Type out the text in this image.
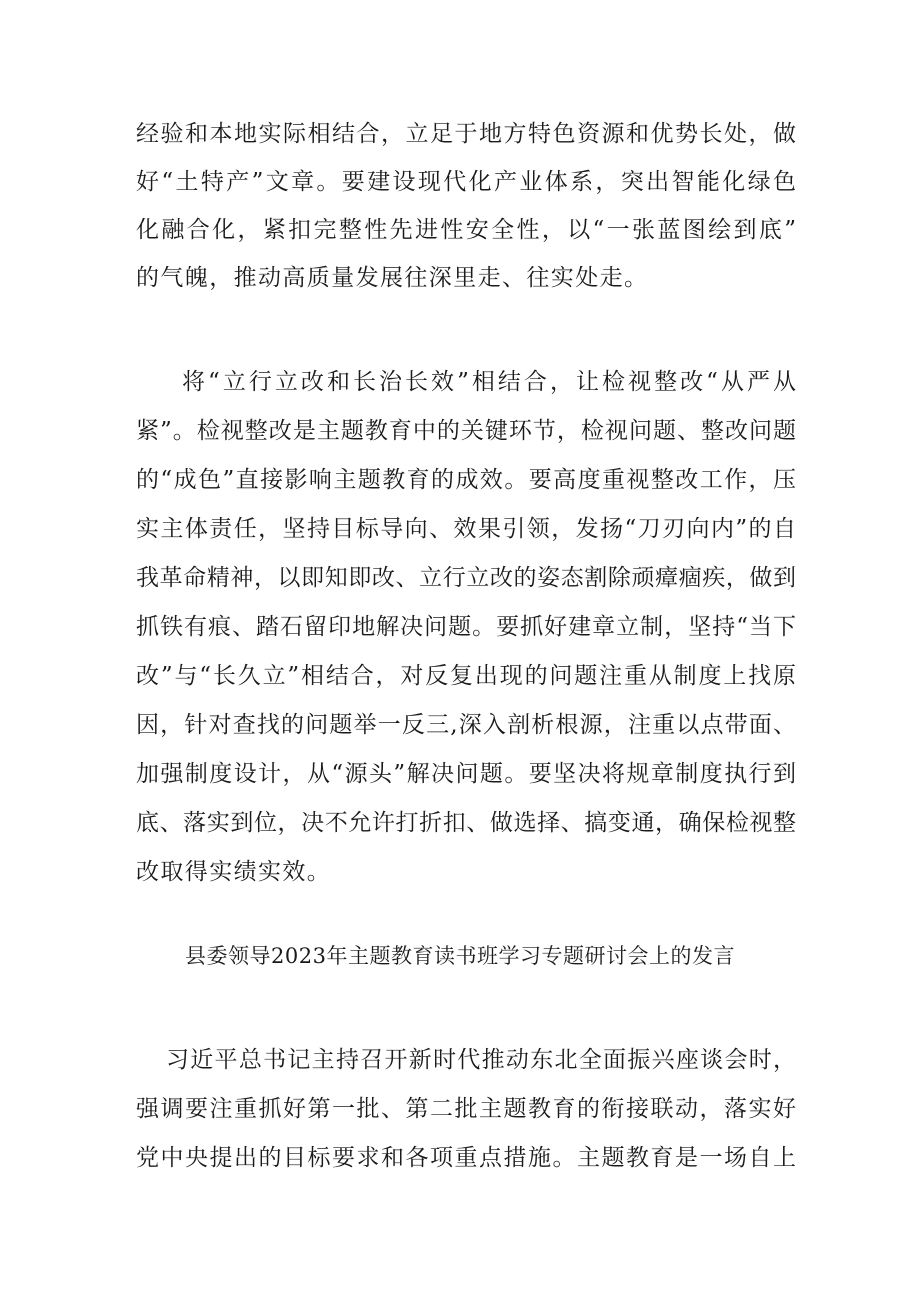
经验和本地实际相结合，立足于地方特色资源和优势长处，做
好“土特产”文章。要建设现代化产业体系，突出智能化绿色
化融合化，紧扣完整性先进性安全性，以“一张蓝图绘到底”
的气魄，推动高质量发展往深里走、往实处走。
将“立行立改和长治长效”相结合，让检视整改“从严从
紧”。检视整改是主题教育中的关键环节，检视问题、整改问题
的“成色”直接影响主题教育的成效。要高度重视整改工作，压
实主体责任，坚持目标导向、效果引领，发扬“刀刃向内”的自
我革命精神，以即知即改、立行立改的姿态割除顽瘴痼疾，做到
抓铁有痕、踏石留印地解决问题。要抓好建章立制，坚持“当下
改”与“长久立”相结合，对反复出现的问题注重从制度上找原
因，针对查找的问题举一反三,深入剖析根源，注重以点带面、
加强制度设计，从“源头”解决问题。要坚决将规章制度执行到
底、落实到位，决不允许打折扣、做选择、搞变通，确保检视整
改取得实绩实效。
县委领导2023年主题教育读书班学习专题研讨会上的发言
习近平总书记主持召开新时代推动东北全面振兴座谈会时，
强调要注重抓好第一批、第二批主题教育的衔接联动，落实好
党中央提出的目标要求和各项重点措施。主题教育是一场自上
